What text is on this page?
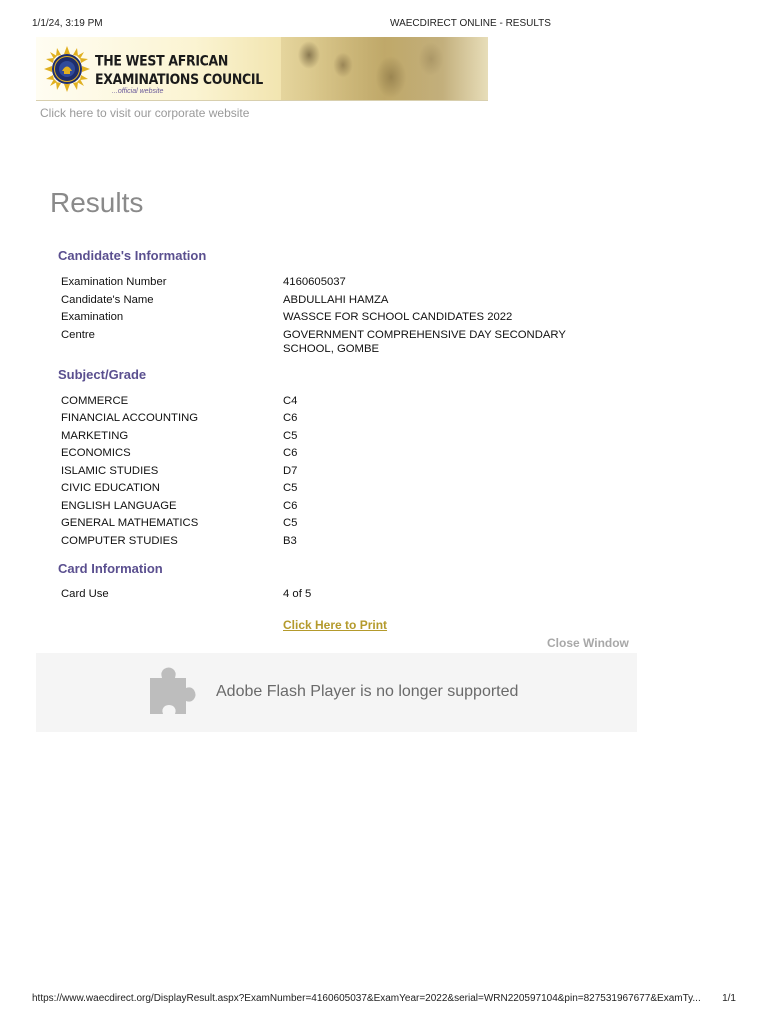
1/1/24, 3:19 PM	WAECDIRECT ONLINE - RESULTS
THE WEST AFRICAN
EXAMINATIONS COUNCIL
...official website
Click here to visit our corporate website
Results
Candidate's Information
Examination Number	4160605037
Candidate's Name	ABDULLAHI HAMZA
Examination	WASSCE FOR SCHOOL CANDIDATES 2022
Centre	GOVERNMENT COMPREHENSIVE DAY SECONDARY SCHOOL, GOMBE
Subject/Grade
COMMERCE	C4
FINANCIAL ACCOUNTING	C6
MARKETING	C5
ECONOMICS	C6
ISLAMIC STUDIES	D7
CIVIC EDUCATION	C5
ENGLISH LANGUAGE	C6
GENERAL MATHEMATICS	C5
COMPUTER STUDIES	B3
Card Information
Card Use	4 of 5
Click Here to Print
Close Window
Adobe Flash Player is no longer supported
https://www.waecdirect.org/DisplayResult.aspx?ExamNumber=4160605037&ExamYear=2022&serial=WRN220597104&pin=827531967677&ExamTy...	1/1
